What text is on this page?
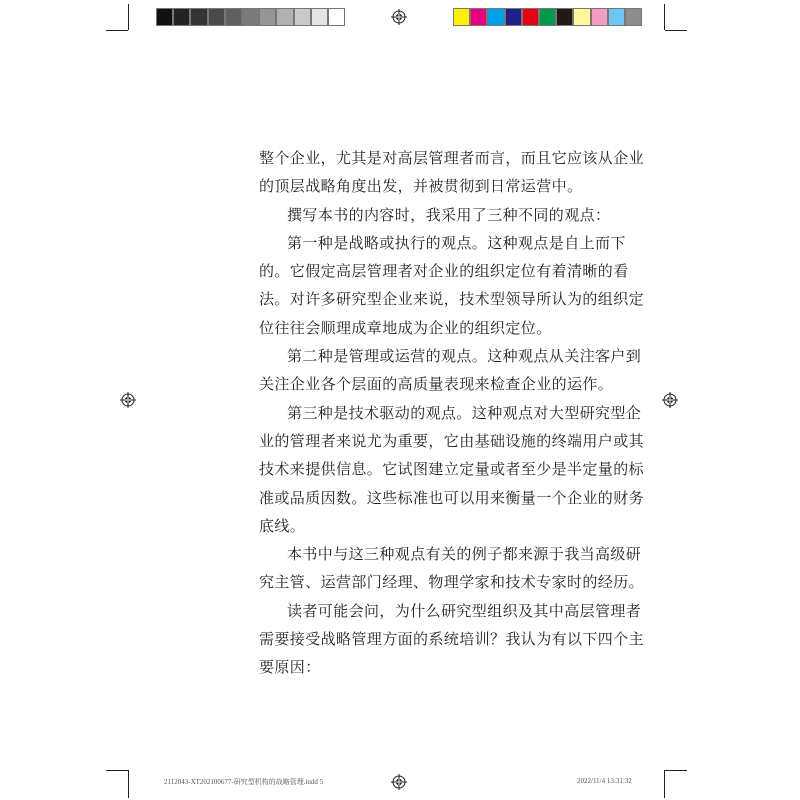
整个企业，尤其是对高层管理者而言，而且它应该从企业
的顶层战略角度出发，并被贯彻到日常运营中。

撰写本书的内容时，我采用了三种不同的观点：

第一种是战略或执行的观点。这种观点是自上而下

的。它假定高层管理者对企业的组织定位有着清晰的看
法。对许多研究型企业来说，技术型领导所认为的组织定
位往往会顺理成章地成为企业的组织定位。

第二种是管理或运营的观点。这种观点从关注客户到

关注企业各个层面的高质量表现来检查企业的运作。

第三种是技术驱动的观点。这种观点对大型研究型企

业的管理者来说尤为重要，它由基础设施的终端用户或其
技术来提供信息。它试图建立定量或者至少是半定量的标
准或品质因数。这些标准也可以用来衡量一个企业的财务
底线。

本书中与这三种观点有关的例子都来源于我当高级研

究主管、运营部门经理、物理学家和技术专家时的经历。

读者可能会问，为什么研究型组织及其中高层管理者

需要接受战略管理方面的系统培训？我认为有以下四个主
要原因：

2112043-XT202100677-研究型机构的战略管理.indd 5	2022/11/4 13:31:32
